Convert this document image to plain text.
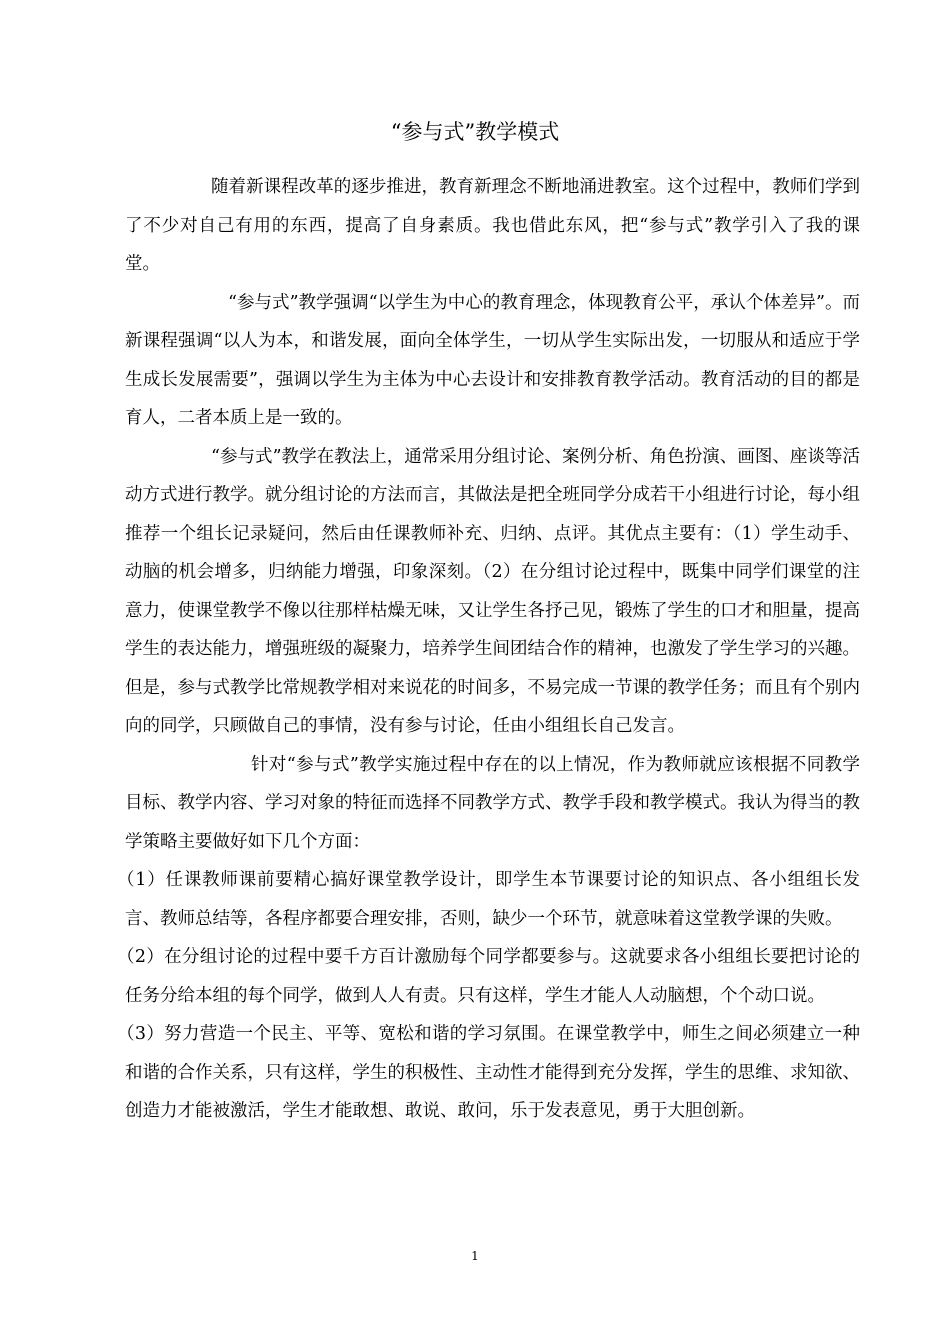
“参与式”教学模式

随着新课程改革的逐步推进，教育新理念不断地涌进教室。这个过程中，教师们学到了不少对自己有用的东西，提高了自身素质。我也借此东风，把“参与式”教学引入了我的课堂。

“参与式”教学强调“以学生为中心的教育理念，体现教育公平，承认个体差异”。而新课程强调“以人为本，和谐发展，面向全体学生，一切从学生实际出发，一切服从和适应于学生成长发展需要”，强调以学生为主体为中心去设计和安排教育教学活动。教育活动的目的都是育人，二者本质上是一致的。

“参与式”教学在教法上，通常采用分组讨论、案例分析、角色扮演、画图、座谈等活动方式进行教学。就分组讨论的方法而言，其做法是把全班同学分成若干小组进行讨论，每小组推荐一个组长记录疑问，然后由任课教师补充、归纳、点评。其优点主要有：（1）学生动手、动脑的机会增多，归纳能力增强，印象深刻。（2）在分组讨论过程中，既集中同学们课堂的注意力，使课堂教学不像以往那样枯燥无味，又让学生各抒己见，锻炼了学生的口才和胆量，提高学生的表达能力，增强班级的凝聚力，培养学生间团结合作的精神，也激发了学生学习的兴趣。但是，参与式教学比常规教学相对来说花的时间多，不易完成一节课的教学任务；而且有个别内向的同学，只顾做自己的事情，没有参与讨论，任由小组组长自己发言。

针对“参与式”教学实施过程中存在的以上情况，作为教师就应该根据不同教学目标、教学内容、学习对象的特征而选择不同教学方式、教学手段和教学模式。我认为得当的教学策略主要做好如下几个方面：

（1）任课教师课前要精心搞好课堂教学设计，即学生本节课要讨论的知识点、各小组组长发言、教师总结等，各程序都要合理安排，否则，缺少一个环节，就意味着这堂教学课的失败。

（2）在分组讨论的过程中要千方百计激励每个同学都要参与。这就要求各小组组长要把讨论的任务分给本组的每个同学，做到人人有责。只有这样，学生才能人人动脑想，个个动口说。

（3）努力营造一个民主、平等、宽松和谐的学习氛围。在课堂教学中，师生之间必须建立一种和谐的合作关系，只有这样，学生的积极性、主动性才能得到充分发挥，学生的思维、求知欲、创造力才能被激活，学生才能敢想、敢说、敢问，乐于发表意见，勇于大胆创新。

1
